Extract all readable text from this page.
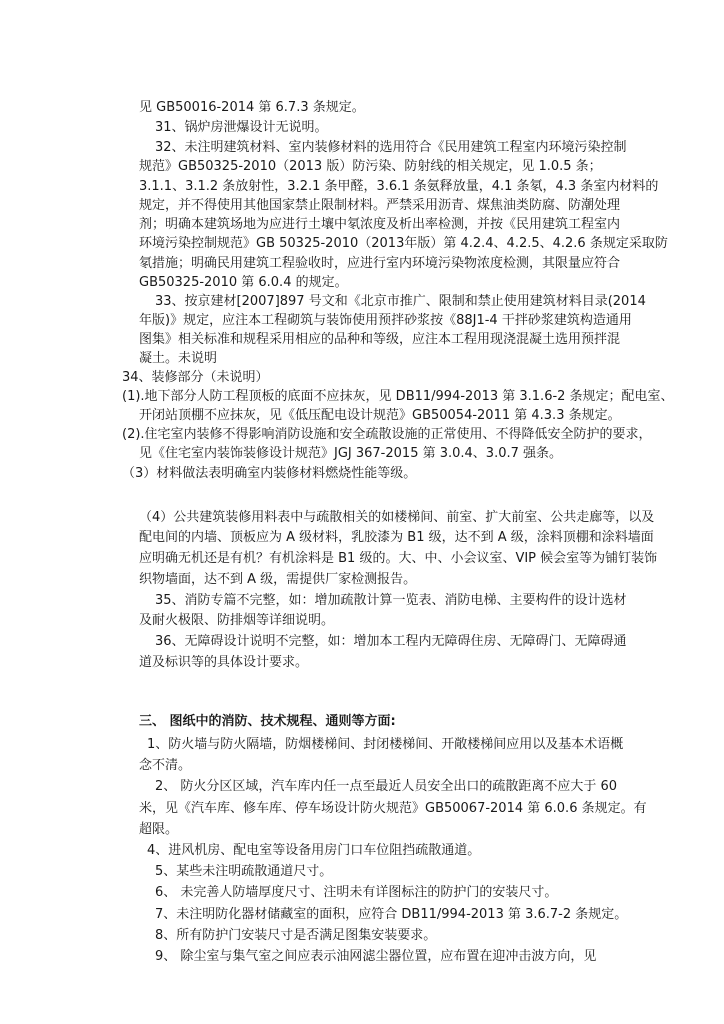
见 GB50016-2014 第 6.7.3 条规定。
31、锅炉房泄爆设计无说明。
32、未注明建筑材料、室内装修材料的选用符合《民用建筑工程室内环境污染控制
规范》GB50325-2010（2013 版）防污染、防射线的相关规定，见 1.0.5 条；
3.1.1、3.1.2 条放射性，3.2.1 条甲醛，3.6.1 条氨释放量，4.1 条氡，4.3 条室内材料的
规定，并不得使用其他国家禁止限制材料。严禁采用沥青、煤焦油类防腐、防潮处理
剂；明确本建筑场地为应进行土壤中氡浓度及析出率检测，并按《民用建筑工程室内
环境污染控制规范》GB 50325-2010（2013年版）第 4.2.4、4.2.5、4.2.6 条规定采取防
氡措施；明确民用建筑工程验收时，应进行室内环境污染物浓度检测，其限量应符合
GB50325-2010 第 6.0.4 的规定。
33、按京建材[2007]897 号文和《北京市推广、限制和禁止使用建筑材料目录(2014
年版)》规定，应注本工程砌筑与装饰使用预拌砂浆按《88J1-4 干拌砂浆建筑构造通用
图集》相关标准和规程采用相应的品种和等级，应注本工程用现浇混凝土选用预拌混
凝土。未说明
34、装修部分（未说明）
(1).地下部分人防工程顶板的底面不应抹灰，见 DB11/994-2013 第 3.1.6-2 条规定；配电室、
开闭站顶棚不应抹灰，见《低压配电设计规范》GB50054-2011 第 4.3.3 条规定。
(2).住宅室内装修不得影响消防设施和安全疏散设施的正常使用、不得降低安全防护的要求，
见《住宅室内装饰装修设计规范》JGJ 367-2015 第 3.0.4、3.0.7 强条。
（3）材料做法表明确室内装修材料燃烧性能等级。
（4）公共建筑装修用料表中与疏散相关的如楼梯间、前室、扩大前室、公共走廊等，以及
配电间的内墙、顶板应为 A 级材料，乳胶漆为 B1 级，达不到 A 级，涂料顶棚和涂料墙面
应明确无机还是有机？有机涂料是 B1 级的。大、中、小会议室、VIP 候会室等为铺钉装饰
织物墙面，达不到 A 级，需提供厂家检测报告。
35、消防专篇不完整，如：增加疏散计算一览表、消防电梯、主要构件的设计选材
及耐火极限、防排烟等详细说明。
36、无障碍设计说明不完整，如：增加本工程内无障碍住房、无障碍门、无障碍通
道及标识等的具体设计要求。
三、 图纸中的消防、技术规程、通则等方面:
1、防火墙与防火隔墙，防烟楼梯间、封闭楼梯间、开敞楼梯间应用以及基本术语概
念不清。
2、 防火分区区域，汽车库内任一点至最近人员安全出口的疏散距离不应大于 60
米，见《汽车库、修车库、停车场设计防火规范》GB50067-2014 第 6.0.6 条规定。有
超限。
4、进风机房、配电室等设备用房门口车位阻挡疏散通道。
5、某些未注明疏散通道尺寸。
6、 未完善人防墙厚度尺寸、注明未有详图标注的防护门的安装尺寸。
7、未注明防化器材储藏室的面积，应符合 DB11/994-2013 第 3.6.7-2 条规定。
8、所有防护门安装尺寸是否满足图集安装要求。
9、 除尘室与集气室之间应表示油网滤尘器位置，应布置在迎冲击波方向，见
